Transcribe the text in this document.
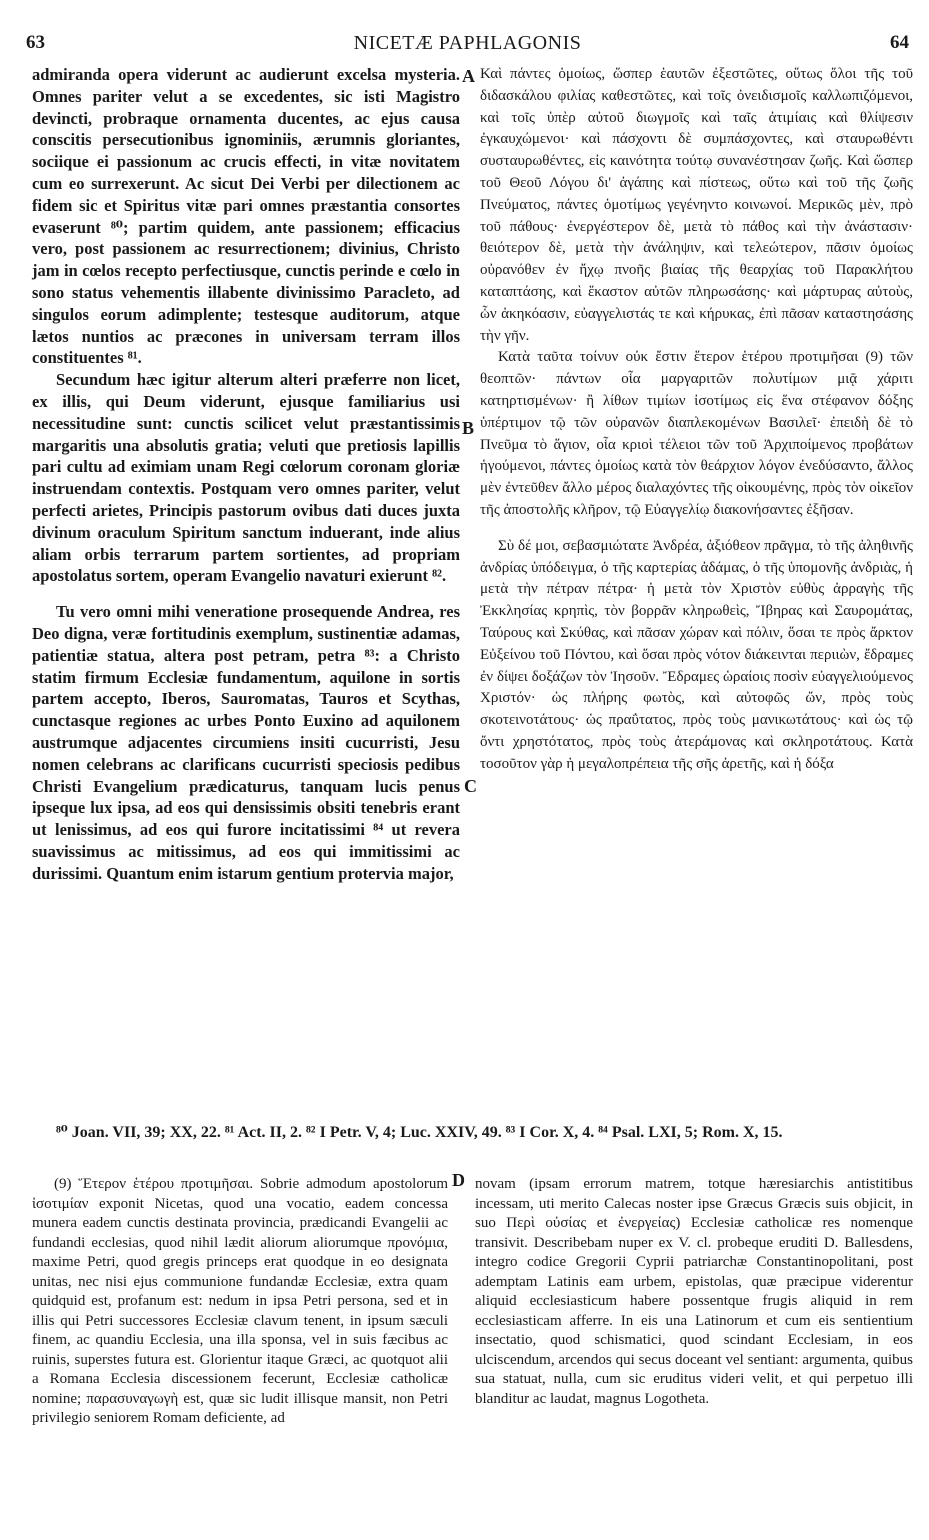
63	NICETÆ PAPHLAGONIS	64

admiranda opera viderunt ac audierunt excelsa mysteria. Omnes pariter velut a se excedentes, sic isti Magistro devincti, probraque ornamenta ducentes, ac ejus causa conscitis persecutionibus ignominiis, ærumnis gloriantes, sociique ei passionum ac crucis effecti, in vitæ novitatem cum eo surrexerunt. Ac sicut Dei Verbi per dilectionem ac fidem sic et Spiritus vitæ pari omnes præstantia consortes evaserunt ⁸⁰; partim quidem, ante passionem; efficacius vero, post passionem ac resurrectionem; divinius, Christo jam in cœlos recepto perfectiusque, cunctis perinde e cœlo in sono status vehementis illabente divinissimo Paracleto, ad singulos eorum adimplente; testesque auditorum, atque lætos nuntios ac præcones in universam terram illos constituentes ⁸¹.

Secundum hæc igitur alterum alteri præferre non licet, ex illis, qui Deum viderunt, ejusque familiarius usi necessitudine sunt: cunctis scilicet velut præstantissimis margaritis una absolutis gratia; veluti que pretiosis lapillis pari cultu ad eximiam unam Regi cœlorum coronam gloriæ instruendam contextis. Postquam vero omnes pariter, velut perfecti arietes, Principis pastorum ovibus dati duces juxta divinum oraculum Spiritum sanctum induerant, inde alius aliam orbis terrarum partem sortientes, ad propriam apostolatus sortem, operam Evangelio navaturi exierunt ⁸².

Tu vero omni mihi veneratione prosequende Andrea, res Deo digna, veræ fortitudinis exemplum, sustinentiæ adamas, patientiæ statua, altera post petram, petra ⁸³: a Christo statim firmum Ecclesiæ fundamentum, aquilone in sortis partem accepto, Iberos, Sauromatas, Tauros et Scythas, cunctasque regiones ac urbes Ponto Euxino ad aquilonem austrumque adjacentes circumiens insiti cucurristi, Jesu nomen celebrans ac clarificans cucurristi speciosis pedibus Christi Evangelium prædicaturus, tanquam lucis penus ipseque lux ipsa, ad eos qui densissimis obsiti tenebris erant ut lenissimus, ad eos qui furore incitatissimi ⁸⁴ ut revera suavissimus ac mitissimus, ad eos qui immitissimi ac durissimi. Quantum enim istarum gentium protervia major,

Καὶ πάντες ὁμοίως, ὥσπερ ἑαυτῶν ἐξεστῶτες, οὕτως ὅλοι τῆς τοῦ διδασκάλου φιλίας καθεστῶτες, καὶ τοῖς ὀνειδισμοῖς καλλωπιζόμενοι, καὶ τοῖς ὑπὲρ αὐτοῦ διωγμοῖς καὶ ταῖς ἀτιμίαις καὶ θλίψεσιν ἐγκαυχώμενοι· καὶ πάσχοντι δὲ συμπάσχοντες, καὶ σταυρωθέντι συσταυρωθέντες, εἰς καινότητα τούτῳ συνανέστησαν ζωῆς. Καὶ ὥσπερ τοῦ Θεοῦ Λόγου δι' ἀγάπης καὶ πίστεως, οὕτω καὶ τοῦ τῆς ζωῆς Πνεύματος, πάντες ὁμοτίμως γεγένηντο κοινωνοί. Μερικῶς μὲν, πρὸ τοῦ πάθους· ἐνεργέστερον δὲ, μετὰ τὸ πάθος καὶ τὴν ἀνάστασιν· θειότερον δὲ, μετὰ τὴν ἀνάληψιν, καὶ τελεώτερον, πᾶσιν ὁμοίως οὐρανόθεν ἐν ἤχῳ πνοῆς βιαίας τῆς θεαρχίας τοῦ Παρακλήτου καταπτάσης, καὶ ἕκαστον αὐτῶν πληρωσάσης· καὶ μάρτυρας αὐτοὺς, ὧν ἀκηκόασιν, εὐαγγελιστάς τε καὶ κήρυκας, ἐπὶ πᾶσαν καταστησάσης τὴν γῆν.

Κατὰ ταῦτα τοίνυν οὐκ ἔστιν ἕτερον ἑτέρου προτιμῆσαι (9) τῶν θεοπτῶν· πάντων οἷα μαργαριτῶν πολυτίμων μιᾷ χάριτι κατηρτισμένων· ἢ λίθων τιμίων ἰσοτίμως εἰς ἕνα στέφανον δόξης ὑπέρτιμον τῷ τῶν οὐρανῶν διαπλεκομένων Βασιλεῖ· ἐπειδὴ δὲ τὸ Πνεῦμα τὸ ἅγιον, οἷα κριοὶ τέλειοι τῶν τοῦ Ἀρχιποίμενος προβάτων ἡγούμενοι, πάντες ὁμοίως κατὰ τὸν θεάρχιον λόγον ἐνεδύσαντο, ἄλλος μὲν ἐντεῦθεν ἄλλο μέρος διαλαχόντες τῆς οἰκουμένης, πρὸς τὸν οἰκεῖον τῆς ἀποστολῆς κλῆρον, τῷ Εὐαγγελίῳ διακονήσαντες ἐξῆσαν.

Σὺ δέ μοι, σεβασμιώτατε Ἀνδρέα, ἀξιόθεον πρᾶγμα, τὸ τῆς ἀληθινῆς ἀνδρίας ὑπόδειγμα, ὁ τῆς καρτερίας ἀδάμας, ὁ τῆς ὑπομονῆς ἀνδριὰς, ἡ μετὰ τὴν πέτραν πέτρα· ἡ μετὰ τὸν Χριστὸν εὐθὺς ἀρραγὴς τῆς Ἐκκλησίας κρηπὶς, τὸν βορρᾶν κληρωθεὶς, Ἴβηρας καὶ Σαυρομάτας, Ταύρους καὶ Σκύθας, καὶ πᾶσαν χώραν καὶ πόλιν, ὅσαι τε πρὸς ἄρκτον Εὐξείνου τοῦ Πόντου, καὶ ὅσαι πρὸς νότον διάκεινται περιιὼν, ἔδραμες ἐν δίψει δοξάζων τὸν Ἰησοῦν. Ἔδραμες ὡραίοις ποσὶν εὐαγγελιούμενος Χριστόν· ὡς πλήρης φωτὸς, καὶ αὐτοφῶς ὤν, πρὸς τοὺς σκοτεινοτάτους· ὡς πραΰτατος, πρὸς τοὺς μανικωτάτους· καὶ ὡς τῷ ὄντι χρηστότατος, πρὸς τοὺς ἀτεράμονας καὶ σκληροτάτους. Κατὰ τοσοῦτον γὰρ ἡ μεγαλοπρέπεια τῆς σῆς ἀρετῆς, καὶ ἡ δόξα

A
B
C
D

⁸⁰ Joan. VII, 39; XX, 22. ⁸¹ Act. II, 2. ⁸² I Petr. V, 4; Luc. XXIV, 49. ⁸³ I Cor. X, 4. ⁸⁴ Psal. LXI, 5; Rom. X, 15.

(9) Ἕτερον ἑτέρου προτιμῆσαι. Sobrie admodum apostolorum ἰσοτιμίαν exponit Nicetas, quod una vocatio, eadem concessa munera eadem cunctis destinata provincia, prædicandi Evangelii ac fundandi ecclesias, quod nihil lædit aliorum aliorumque προνόμια, maxime Petri, quod gregis princeps erat quodque in eo designata unitas, nec nisi ejus communione fundandæ Ecclesiæ, extra quam quidquid est, profanum est: nedum in ipsa Petri persona, sed et in illis qui Petri successores Ecclesiæ clavum tenent, in ipsum sæculi finem, ac quandiu Ecclesia, una illa sponsa, vel in suis fæcibus ac ruinis, superstes futura est. Glorientur itaque Græci, ac quotquot alii a Romana Ecclesia discessionem fecerunt, Ecclesiæ catholicæ nomine; παρασυναγωγὴ est, quæ sic ludit illisque mansit, non Petri privilegio seniorem Romam deficiente, ad

novam (ipsam errorum matrem, totque hæresiarchis antistitibus incessam, uti merito Calecas noster ipse Græcus Græcis suis objicit, in suo Περὶ οὐσίας et ἐνεργείας) Ecclesiæ catholicæ res nomenque transivit. Describebam nuper ex V. cl. probeque eruditi D. Ballesdens, integro codice Gregorii Cyprii patriarchæ Constantinopolitani, post ademptam Latinis eam urbem, epistolas, quæ præcipue viderentur aliquid ecclesiasticum habere possentque frugis aliquid in rem ecclesiasticam afferre. In eis una Latinorum et cum eis sentientium insectatio, quod schismatici, quod scindant Ecclesiam, in eos ulciscendum, arcendos qui secus doceant vel sentiant: argumenta, quibus sua statuat, nulla, cum sic eruditus videri velit, et qui perpetuo illi blanditur ac laudat, magnus Logotheta.
